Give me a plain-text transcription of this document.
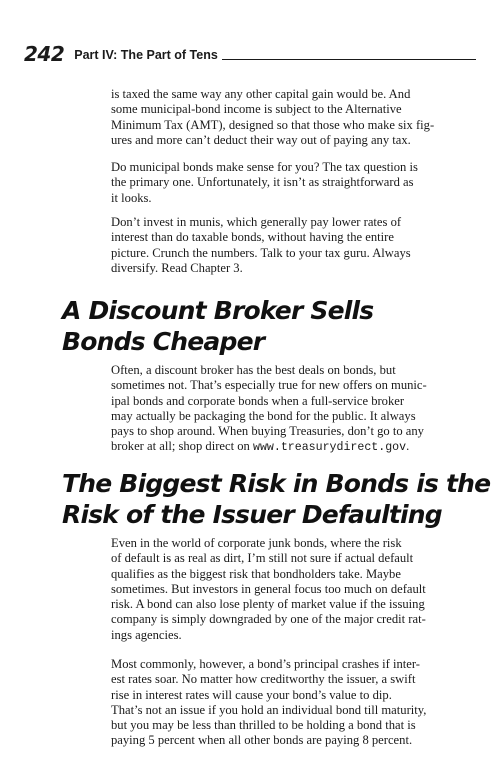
242 Part IV: The Part of Tens

is taxed the same way any other capital gain would be. And
some municipal-bond income is subject to the Alternative
Minimum Tax (AMT), designed so that those who make six fig-
ures and more can’t deduct their way out of paying any tax.

Do municipal bonds make sense for you? The tax question is
the primary one. Unfortunately, it isn’t as straightforward as
it looks.

Don’t invest in munis, which generally pay lower rates of
interest than do taxable bonds, without having the entire
picture. Crunch the numbers. Talk to your tax guru. Always
diversify. Read Chapter 3.

A Discount Broker Sells
Bonds Cheaper

Often, a discount broker has the best deals on bonds, but
sometimes not. That’s especially true for new offers on munic-
ipal bonds and corporate bonds when a full-service broker
may actually be packaging the bond for the public. It always
pays to shop around. When buying Treasuries, don’t go to any
broker at all; shop direct on www.treasurydirect.gov.

The Biggest Risk in Bonds is the
Risk of the Issuer Defaulting

Even in the world of corporate junk bonds, where the risk
of default is as real as dirt, I’m still not sure if actual default
qualifies as the biggest risk that bondholders take. Maybe
sometimes. But investors in general focus too much on default
risk. A bond can also lose plenty of market value if the issuing
company is simply downgraded by one of the major credit rat-
ings agencies.

Most commonly, however, a bond’s principal crashes if inter-
est rates soar. No matter how creditworthy the issuer, a swift
rise in interest rates will cause your bond’s value to dip.
That’s not an issue if you hold an individual bond till maturity,
but you may be less than thrilled to be holding a bond that is
paying 5 percent when all other bonds are paying 8 percent.
